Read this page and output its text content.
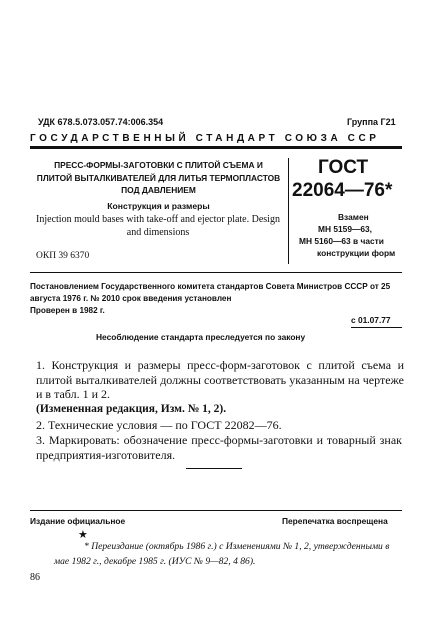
УДК 678.5.073.057.74:006.354	Группа Г21
ГОСУДАРСТВЕННЫЙ СТАНДАРТ СОЮЗА ССР
ПРЕСС-ФОРМЫ-ЗАГОТОВКИ С ПЛИТОЙ СЪЕМА И ПЛИТОЙ ВЫТАЛКИВАТЕЛЕЙ ДЛЯ ЛИТЬЯ ТЕРМОПЛАСТОВ ПОД ДАВЛЕНИЕМ
Конструкция и размеры
Injection mould bases with take-off and ejector plate. Design and dimensions
ОКП 39 6370
ГОСТ
22064—76*
Взамен
МН 5159—63,
МН 5160—63 в части
конструкции форм
Постановлением Государственного комитета стандартов Совета Министров СССР от 25 августа 1976 г. № 2010 срок введения установлен
Проверен в 1982 г.
с 01.07.77
Несоблюдение стандарта преследуется по закону
1. Конструкция и размеры пресс-форм-заготовок с плитой съема и плитой выталкивателей должны соответствовать указанным на чертеже и в табл. 1 и 2.
(Измененная редакция, Изм. № 1, 2).
2. Технические условия — по ГОСТ 22082—76.
3. Маркировать: обозначение пресс-формы-заготовки и товарный знак предприятия-изготовителя.
Издание официальное	Перепечатка воспрещена
★
* Переиздание (октябрь 1986 г.) с Изменениями № 1, 2, утвержденными в мае 1982 г., декабре 1985 г. (ИУС № 9—82, 4 86).
86
